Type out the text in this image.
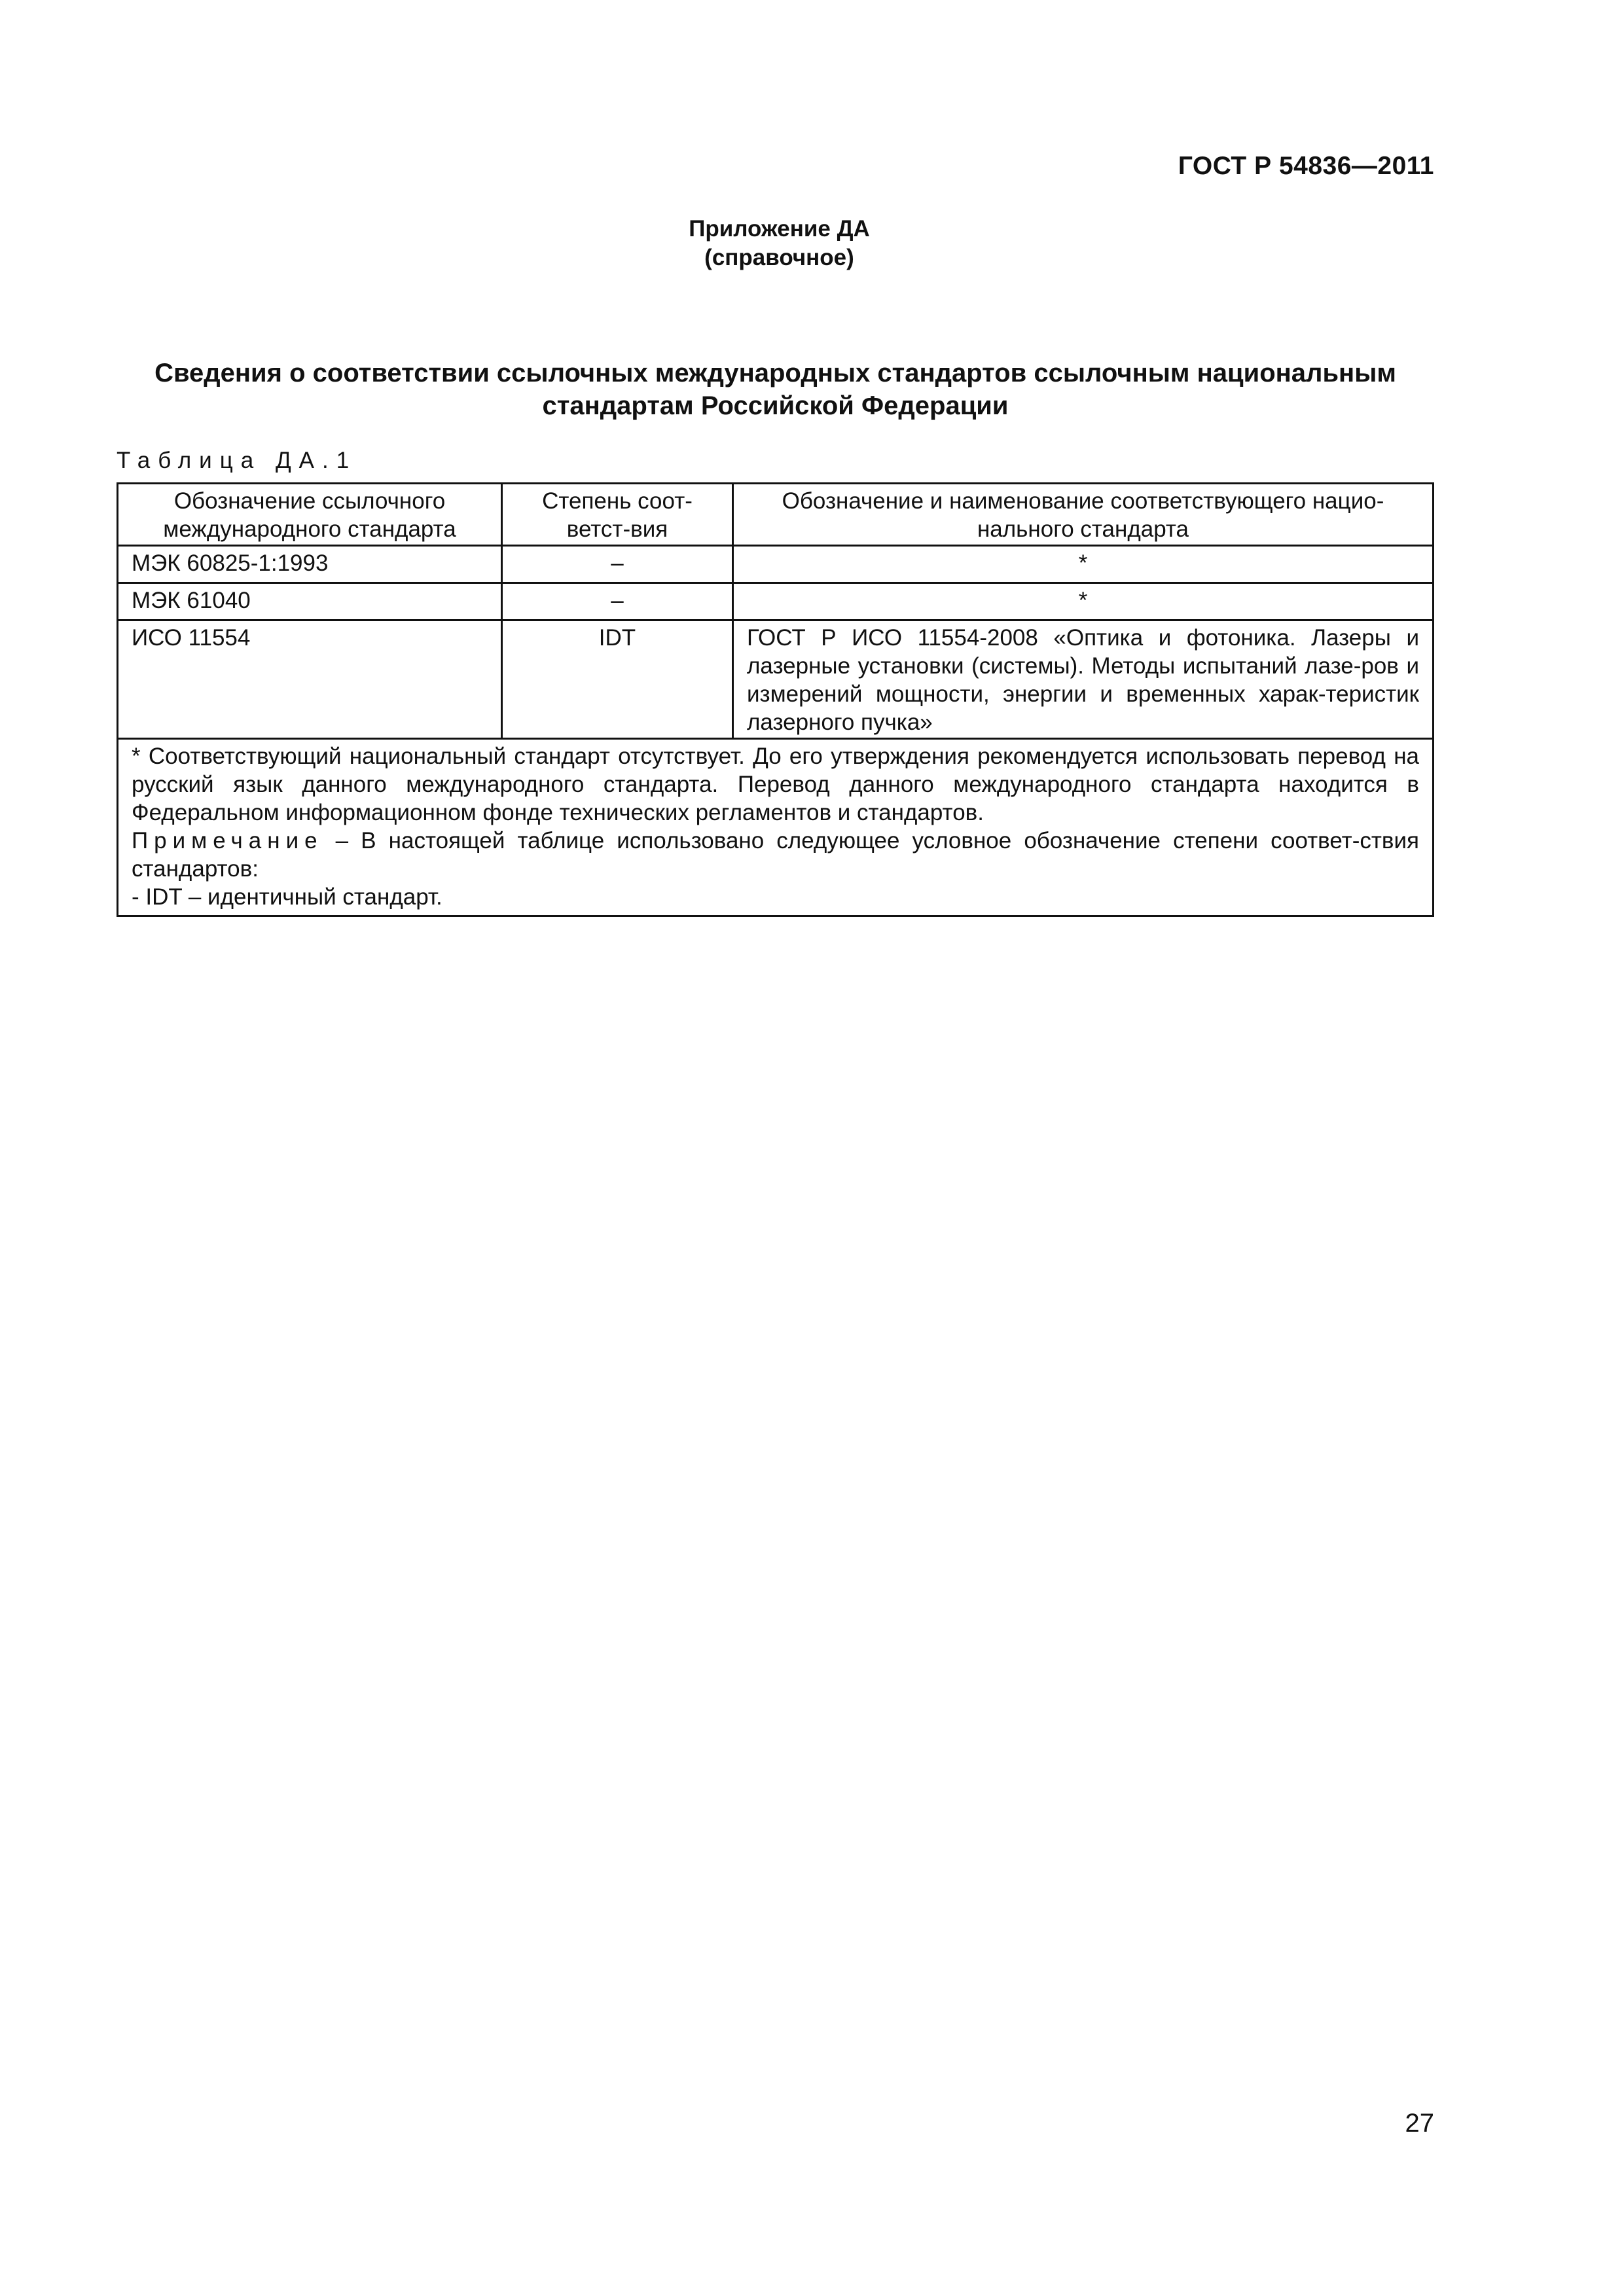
ГОСТ Р 54836—2011
Приложение ДА
(справочное)
Сведения о соответствии ссылочных международных стандартов ссылочным национальным стандартам Российской Федерации
Таблица ДА.1
Обозначение ссылочного международного стандарта	Степень соот-ветст-вия	Обозначение и наименование соответствующего нацио-нального стандарта
МЭК 60825-1:1993	–	*
МЭК 61040	–	*
ИСО 11554	IDT	ГОСТ Р ИСО 11554-2008 «Оптика и фотоника. Лазеры и лазерные установки (системы). Методы испытаний лазе-ров и измерений мощности, энергии и временных харак-теристик лазерного пучка»

* Соответствующий национальный стандарт отсутствует. До его утверждения рекомендуется использовать перевод на русский язык данного международного стандарта. Перевод данного международного стандарта находится в Федеральном информационном фонде технических регламентов и стандартов.

Примечание – В настоящей таблице использовано следующее условное обозначение степени соответ-ствия стандартов:

- IDT – идентичный стандарт.		

27
